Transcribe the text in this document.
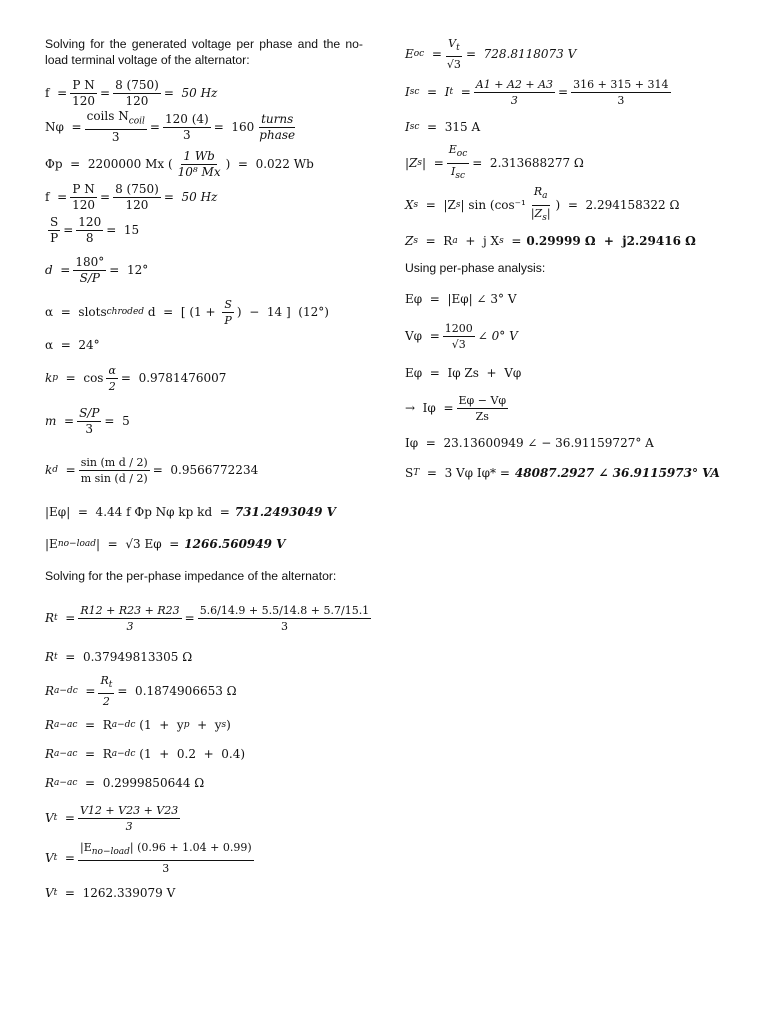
Solving for the generated voltage per phase and the no-load terminal voltage of the alternator:
$f = \frac{\text{P N}}{120} = \frac{8 (750)}{120} = 50$ Hz
$N\varphi = \frac{coils N_{coil}}{3} = \frac{120 (4)}{3} = 160 \frac{\text{turns}}{\text{phase}}$
Φp  =  2200000 Mx ( $\frac{1 Wb}{\text{10⁸ Mx}}$ )  =  0.022 Wb
$f = \frac{\text{P N}}{120} = \frac{8 (750)}{120} = 50$ Hz
$\frac{S}{P} = \frac{120}{8} = 15$
$d = \frac{180^\circ}{S/P} = 12^\circ$
α  =  slots chroded d  =  [ ($1 + \frac{S}{P}$ )  −  14 ]  (12°)
α  =  24°
k $p = \cos \frac{\alpha}{2} = 0.9781476007$
$m = \frac{S/P}{3} = 5$
k $d = \frac{\text{sin (m d / 2)}}{\text{m sin (d / 2)}} = 0.9566772234$
|Eφ|  =  4.44 f Φp Nφ kp kd  = 731.2493049 V
|E no−load |  =  √3 Eφ  = 1266.560949 V
Solving for the per-phase impedance of the alternator:
R $t = \frac{R12 + R23 + R23}{3} = \frac{5.6/14.9 + 5.5/14.8 + 5.7/15.1}{3}$
R t =  0.37949813305 Ω
R $a-dc = \frac{R_t}{2} = 0.1874906653$ Ω
R a−ac =  R a−dc (1  +  y p +  y s )
R a−ac =  R a−dc (1  +  0.2  +  0.4)
R a−ac =  0.2999850644 Ω
V $t = \frac{V12 + V23 + V23}{3}$
V $t = \frac{|E_{no-load}| (0.96 + 1.04 + 0.99)}{3}$
V t =  1262.339079 V
E oc = $\frac{V_t}{√3} = 728.8118073$ V
I sc =  I $t = \frac{A1 + A2 + A3}{3} = \frac{316 + 315 + 314}{3}$
I sc =  315 A
|Z s |  = $\frac{E_{oc}}{I_{sc}} = 2.313688277$ Ω
X s =  |Z s | $\sin (\cos^{-1} \frac{R_a}{|Z_s|}$ )  =  2.294158322 Ω
Z s =  R a +  j X s = 0.29999 Ω  +  j2.29416 Ω
Using per-phase analysis:
Eφ  =  |Eφ| ∠ 3° V
$V\varphi = \frac{1200}{√3}$ ∠ 0° V
Eφ  =  Iφ Zs  +  Vφ
→  $I\varphi = \frac{E\varphi - V\varphi}{Zs}$
Iφ  =  23.13600949 ∠ − 36.91159727° A
S T =  3 Vφ Iφ* = 48087.2927 ∠ 36.9115973° VA
